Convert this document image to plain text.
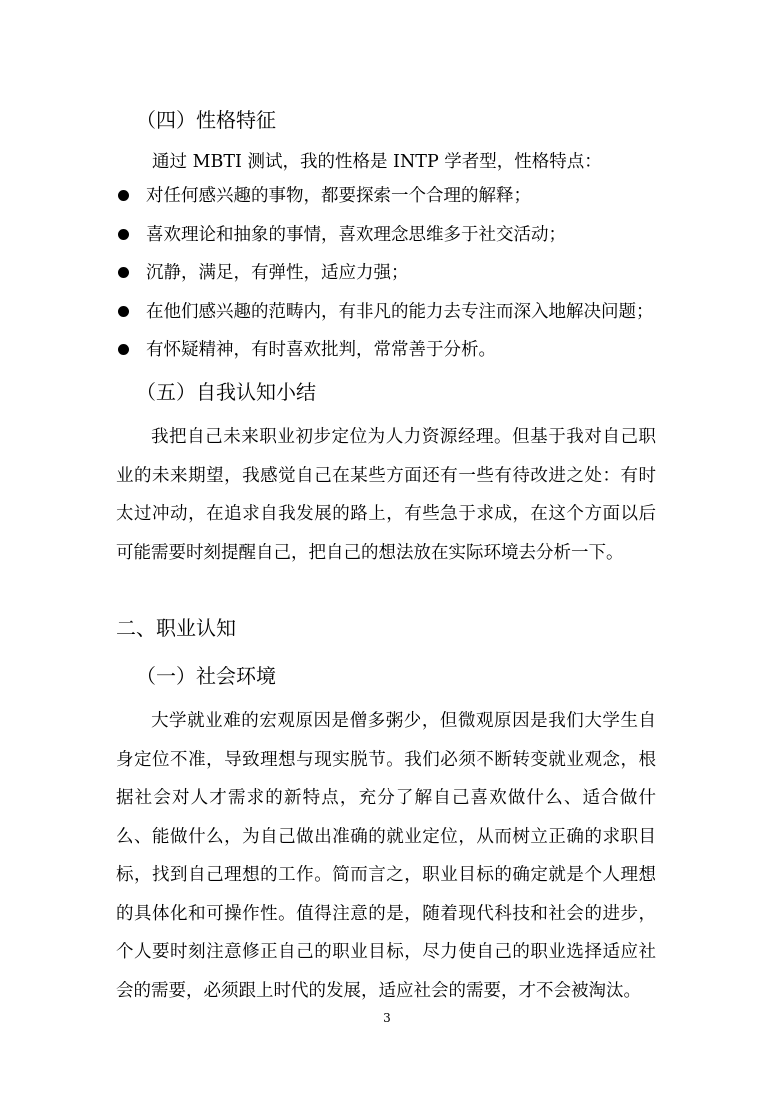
（四）性格特征
通过 MBTI 测试，我的性格是 INTP 学者型，性格特点：
对任何感兴趣的事物，都要探索一个合理的解释；
喜欢理论和抽象的事情，喜欢理念思维多于社交活动；
沉静，满足，有弹性，适应力强；
在他们感兴趣的范畴内，有非凡的能力去专注而深入地解决问题；
有怀疑精神，有时喜欢批判，常常善于分析。
（五）自我认知小结

我把自己未来职业初步定位为人力资源经理。但基于我对自己职业的未来期望，我感觉自己在某些方面还有一些有待改进之处：有时太过冲动，在追求自我发展的路上，有些急于求成，在这个方面以后可能需要时刻提醒自己，把自己的想法放在实际环境去分析一下。

二、职业认知
（一）社会环境

大学就业难的宏观原因是僧多粥少，但微观原因是我们大学生自身定位不准，导致理想与现实脱节。我们必须不断转变就业观念，根据社会对人才需求的新特点，充分了解自己喜欢做什么、适合做什么、能做什么，为自己做出准确的就业定位，从而树立正确的求职目标，找到自己理想的工作。简而言之，职业目标的确定就是个人理想的具体化和可操作性。值得注意的是，随着现代科技和社会的进步，个人要时刻注意修正自己的职业目标，尽力使自己的职业选择适应社会的需要，必须跟上时代的发展，适应社会的需要，才不会被淘汰。

3
